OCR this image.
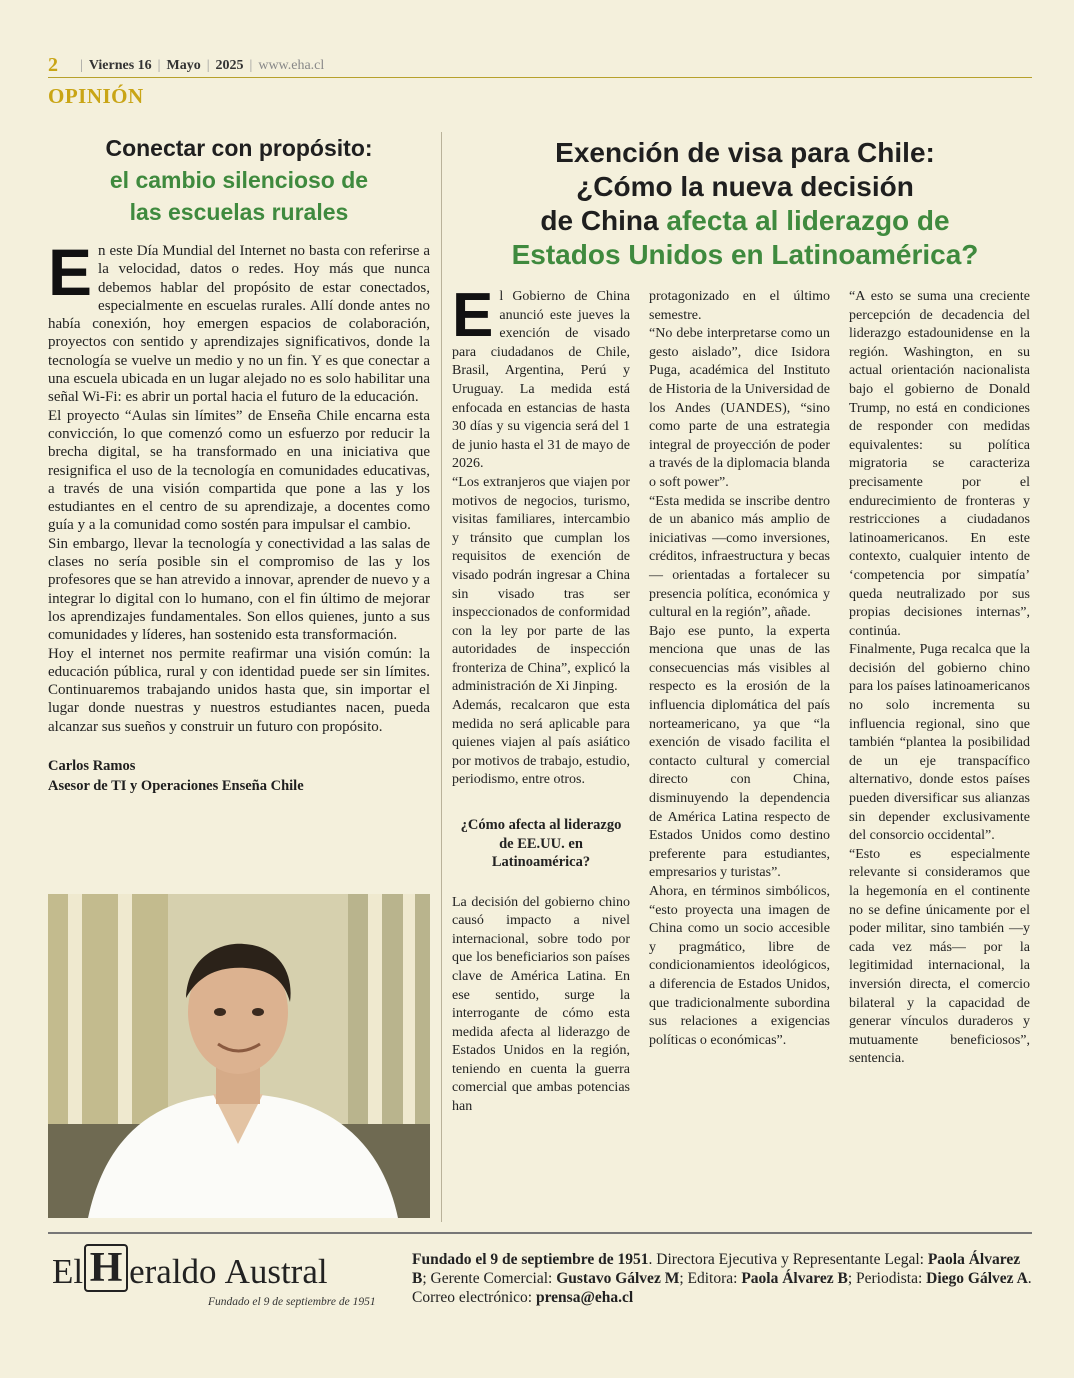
2 | Viernes 16 | Mayo | 2025 | www.eha.cl
OPINIÓN
Conectar con propósito:
el cambio silencioso de
las escuelas rurales

En este Día Mundial del Internet no basta con referirse a la velocidad, datos o redes. Hoy más que nunca debemos hablar del propósito de estar conectados, especialmente en escuelas rurales. Allí donde antes no había conexión, hoy emergen espacios de colaboración, proyectos con sentido y aprendizajes significativos, donde la tecnología se vuelve un medio y no un fin. Y es que conectar a una escuela ubicada en un lugar alejado no es solo habilitar una señal Wi-Fi: es abrir un portal hacia el futuro de la educación.

El proyecto “Aulas sin límites” de Enseña Chile encarna esta convicción, lo que comenzó como un esfuerzo por reducir la brecha digital, se ha transformado en una iniciativa que resignifica el uso de la tecnología en comunidades educativas, a través de una visión compartida que pone a las y los estudiantes en el centro de su aprendizaje, a docentes como guía y a la comunidad como sostén para impulsar el cambio.

Sin embargo, llevar la tecnología y conectividad a las salas de clases no sería posible sin el compromiso de las y los profesores que se han atrevido a innovar, aprender de nuevo y a integrar lo digital con lo humano, con el fin último de mejorar los aprendizajes fundamentales. Son ellos quienes, junto a sus comunidades y líderes, han sostenido esta transformación.

Hoy el internet nos permite reafirmar una visión común: la educación pública, rural y con identidad puede ser sin límites. Continuaremos trabajando unidos hasta que, sin importar el lugar donde nuestras y nuestros estudiantes nacen, pueda alcanzar sus sueños y construir un futuro con propósito.

Carlos Ramos
Asesor de TI y Operaciones Enseña Chile
Exención de visa para Chile:
¿Cómo la nueva decisión
de China afecta al liderazgo de
Estados Unidos en Latinoamérica?

El Gobierno de China anunció este jueves la exención de visado para ciudadanos de Chile, Brasil, Argentina, Perú y Uruguay. La medida está enfocada en estancias de hasta 30 días y su vigencia será del 1 de junio hasta el 31 de mayo de 2026.

“Los extranjeros que viajen por motivos de negocios, turismo, visitas familiares, intercambio y tránsito que cumplan los requisitos de exención de visado podrán ingresar a China sin visado tras ser inspeccionados de conformidad con la ley por parte de las autoridades de inspección fronteriza de China”, explicó la administración de Xi Jinping.

Además, recalcaron que esta medida no será aplicable para quienes viajen al país asiático por motivos de trabajo, estudio, periodismo, entre otros.

¿Cómo afecta al liderazgo de EE.UU. en Latinoamérica?

La decisión del gobierno chino causó impacto a nivel internacional, sobre todo por que los beneficiarios son países clave de América Latina. En ese sentido, surge la interrogante de cómo esta medida afecta al liderazgo de Estados Unidos en la región, teniendo en cuenta la guerra comercial que ambas potencias han

protagonizado en el último semestre.

“No debe interpretarse como un gesto aislado”, dice Isidora Puga, académica del Instituto de Historia de la Universidad de los Andes (UANDES), “sino como parte de una estrategia integral de proyección de poder a través de la diplomacia blanda o soft power”.

“Esta medida se inscribe dentro de un abanico más amplio de iniciativas —como inversiones, créditos, infraestructura y becas— orientadas a fortalecer su presencia política, económica y cultural en la región”, añade.

Bajo ese punto, la experta menciona que unas de las consecuencias más visibles al respecto es la erosión de la influencia diplomática del país norteamericano, ya que “la exención de visado facilita el contacto cultural y comercial directo con China, disminuyendo la dependencia de América Latina respecto de Estados Unidos como destino preferente para estudiantes, empresarios y turistas”.

Ahora, en términos simbólicos, “esto proyecta una imagen de China como un socio accesible y pragmático, libre de condicionamientos ideológicos, a diferencia de Estados Unidos, que tradicionalmente subordina sus relaciones a exigencias políticas o económicas”.

“A esto se suma una creciente percepción de decadencia del liderazgo estadounidense en la región. Washington, en su actual orientación nacionalista bajo el gobierno de Donald Trump, no está en condiciones de responder con medidas equivalentes: su política migratoria se caracteriza precisamente por el endurecimiento de fronteras y restricciones a ciudadanos latinoamericanos. En este contexto, cualquier intento de ‘competencia por simpatía’ queda neutralizado por sus propias decisiones internas”, continúa.

Finalmente, Puga recalca que la decisión del gobierno chino para los países latinoamericanos no solo incrementa su influencia regional, sino que también “plantea la posibilidad de un eje transpacífico alternativo, donde estos países pueden diversificar sus alianzas sin depender exclusivamente del consorcio occidental”.

“Esto es especialmente relevante si consideramos que la hegemonía en el continente no se define únicamente por el poder militar, sino también —y cada vez más— por la legitimidad internacional, la inversión directa, el comercio bilateral y la capacidad de generar vínculos duraderos y mutuamente beneficiosos”, sentencia.

El H eraldo Austral
Fundado el 9 de septiembre de 1951
Fundado el 9 de septiembre de 1951. Directora Ejecutiva y Representante Legal: Paola Álvarez B; Gerente Comercial: Gustavo Gálvez M; Editora: Paola Álvarez B; Periodista: Diego Gálvez A. Correo electrónico: prensa@eha.cl
